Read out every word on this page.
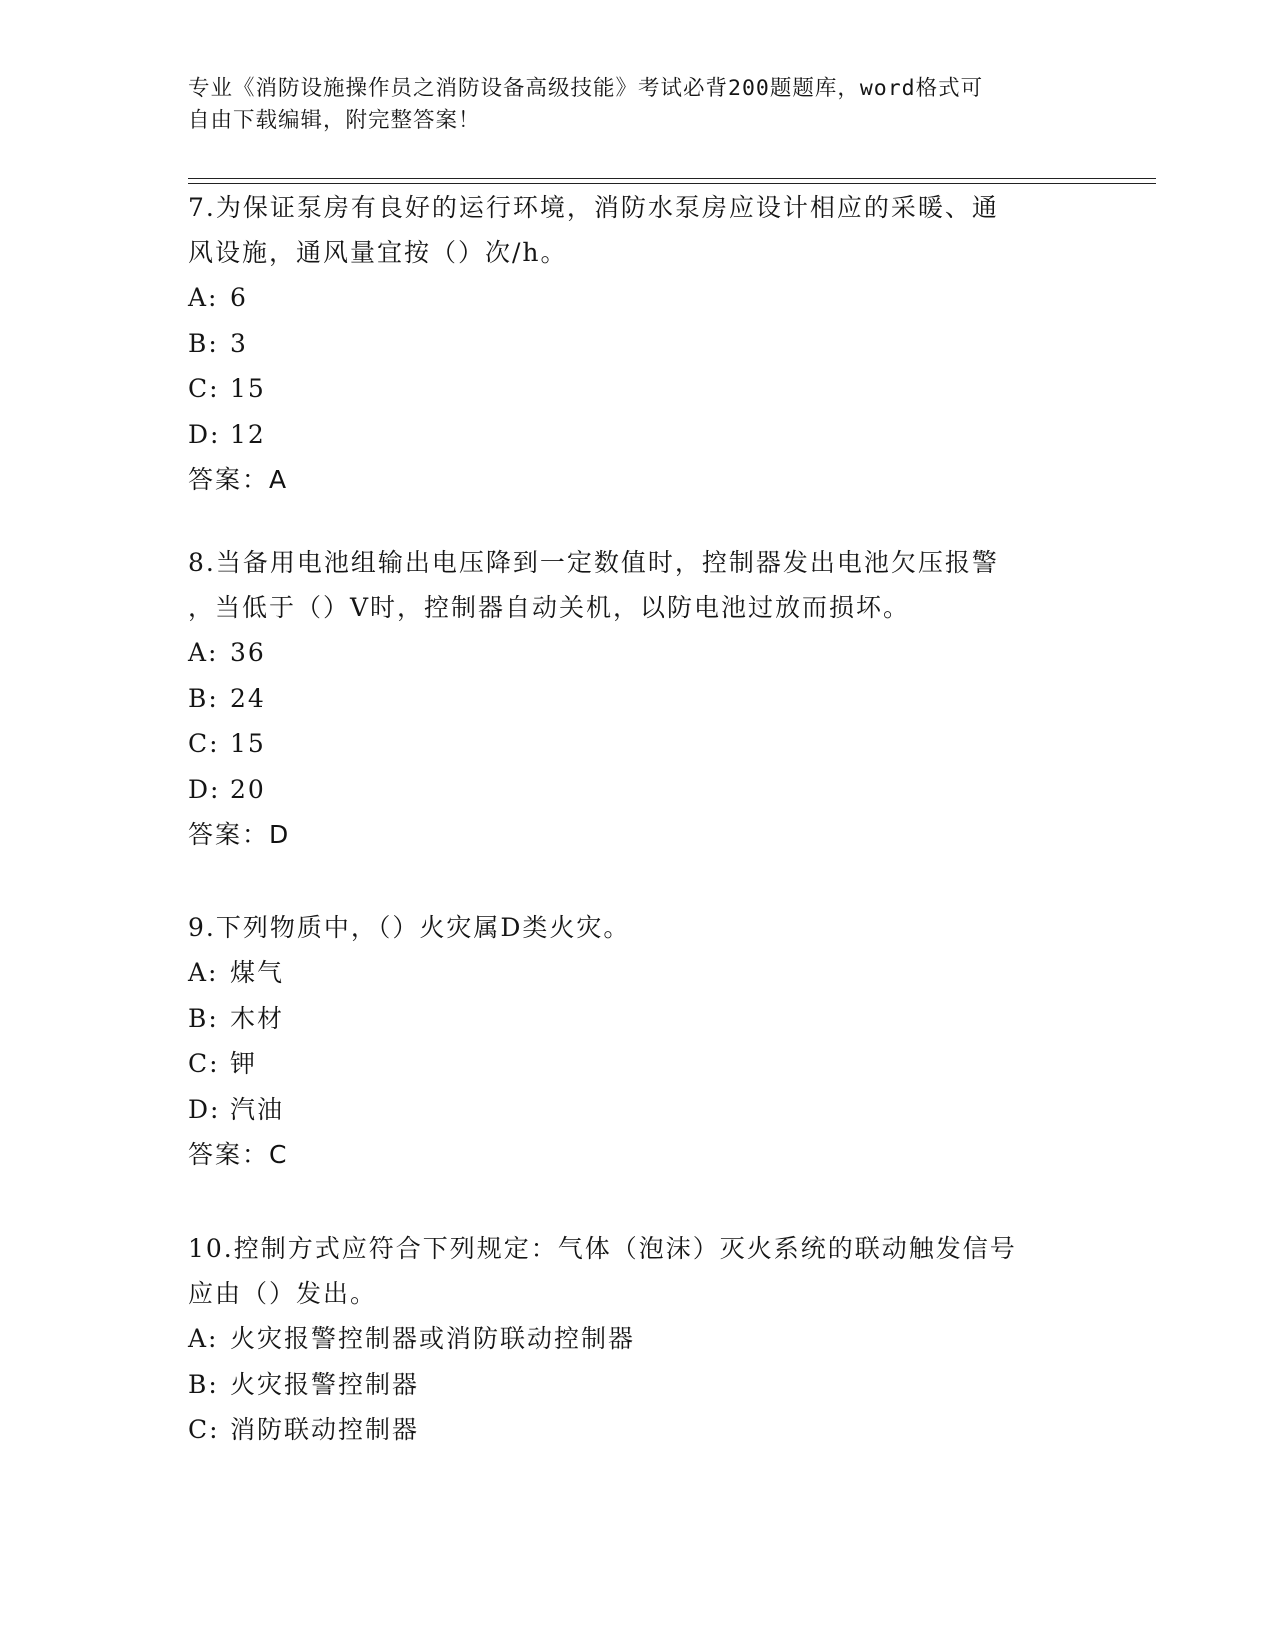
专业《消防设施操作员之消防设备高级技能》考试必背200题题库，word格式可
自由下载编辑，附完整答案！
7.为保证泵房有良好的运行环境，消防水泵房应设计相应的采暖、通
风设施，通风量宜按（）次/h。
A: 6
B: 3
C: 15
D: 12
答案：A
8.当备用电池组输出电压降到一定数值时，控制器发出电池欠压报警
，当低于（）V时，控制器自动关机，以防电池过放而损坏。
A: 36
B: 24
C: 15
D: 20
答案：D
9.下列物质中，（）火灾属D类火灾。
A: 煤气
B: 木材
C: 钾
D: 汽油
答案：C
10.控制方式应符合下列规定：气体（泡沫）灭火系统的联动触发信号
应由（）发出。
A: 火灾报警控制器或消防联动控制器
B: 火灾报警控制器
C: 消防联动控制器
